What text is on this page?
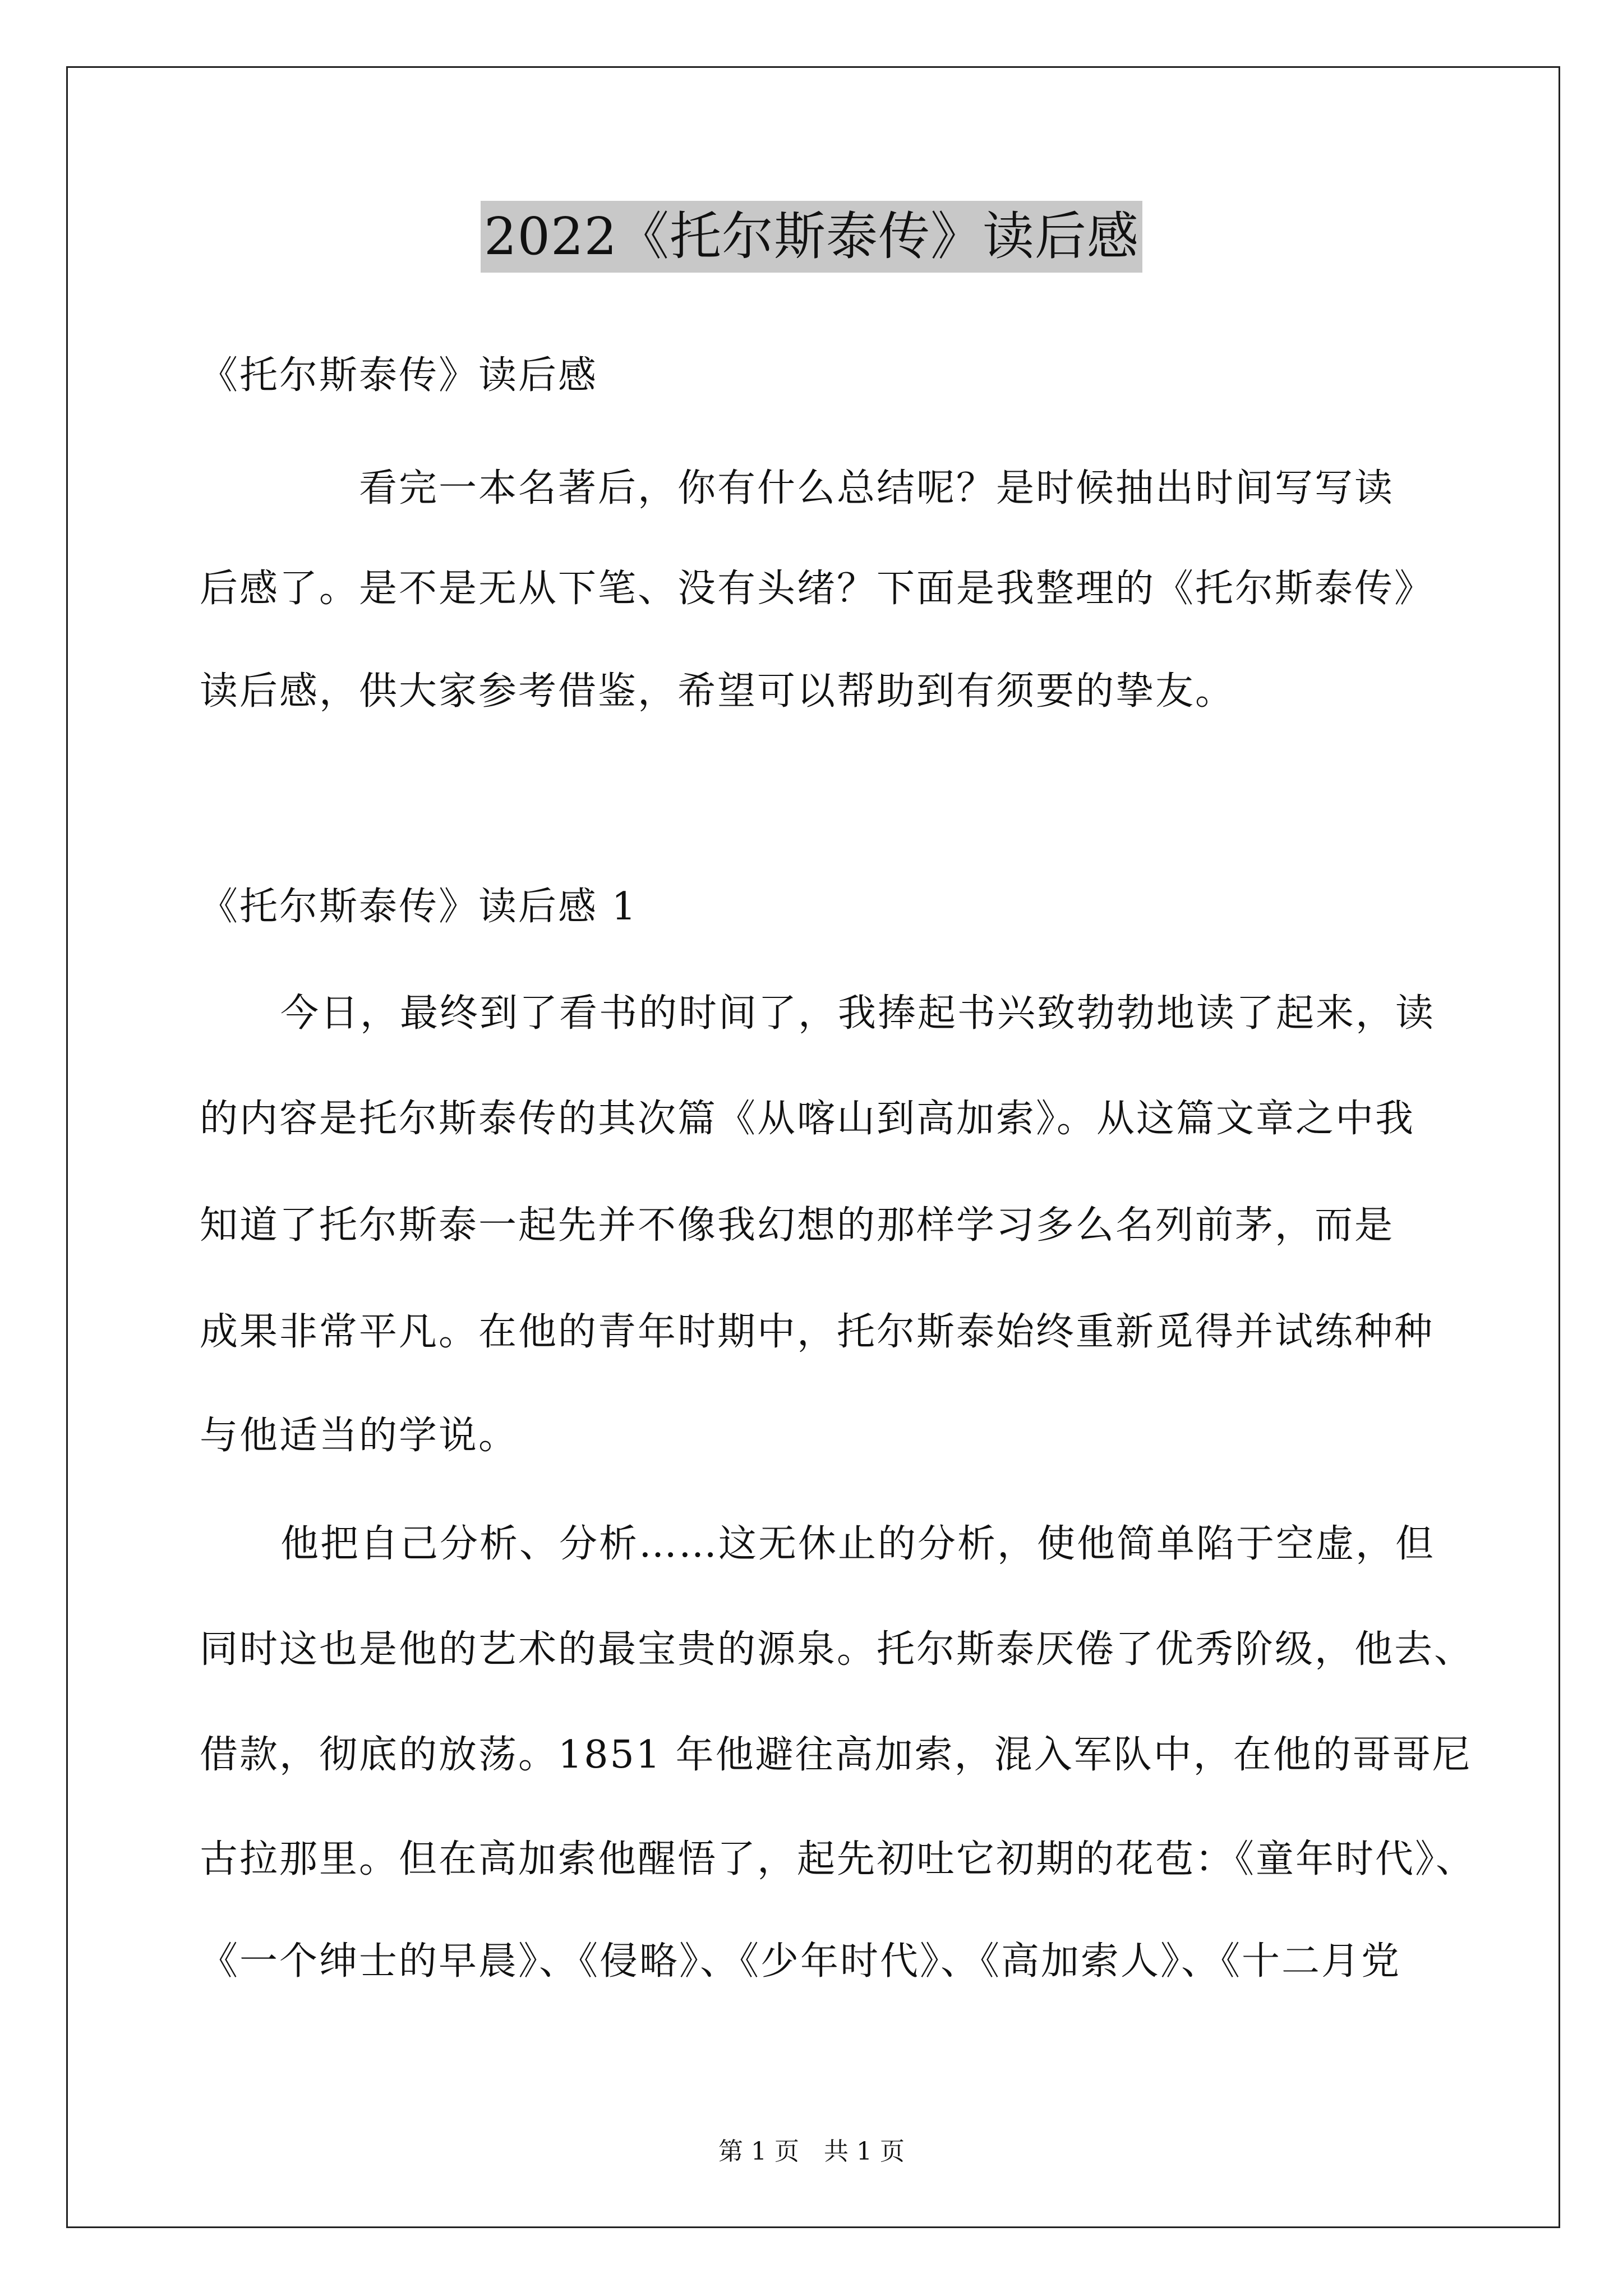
2022《托尔斯泰传》读后感
《托尔斯泰传》读后感
看完一本名著后，你有什么总结呢？是时候抽出时间写写读
后感了。是不是无从下笔、没有头绪？下面是我整理的《托尔斯泰传》
读后感，供大家参考借鉴，希望可以帮助到有须要的挚友。
《托尔斯泰传》读后感 1
今日，最终到了看书的时间了，我捧起书兴致勃勃地读了起来，读
的内容是托尔斯泰传的其次篇《从喀山到高加索》。从这篇文章之中我
知道了托尔斯泰一起先并不像我幻想的那样学习多么名列前茅，而是
成果非常平凡。在他的青年时期中，托尔斯泰始终重新觅得并试练种种
与他适当的学说。
他把自己分析、分析……这无休止的分析，使他简单陷于空虚，但
同时这也是他的艺术的最宝贵的源泉。托尔斯泰厌倦了优秀阶级，他去、
借款，彻底的放荡。1851 年他避往高加索，混入军队中，在他的哥哥尼
古拉那里。但在高加索他醒悟了，起先初吐它初期的花苞：《童年时代》、
《一个绅士的早晨》、《侵略》、《少年时代》、《高加索人》、《十二月党
第 1 页　共 1 页
